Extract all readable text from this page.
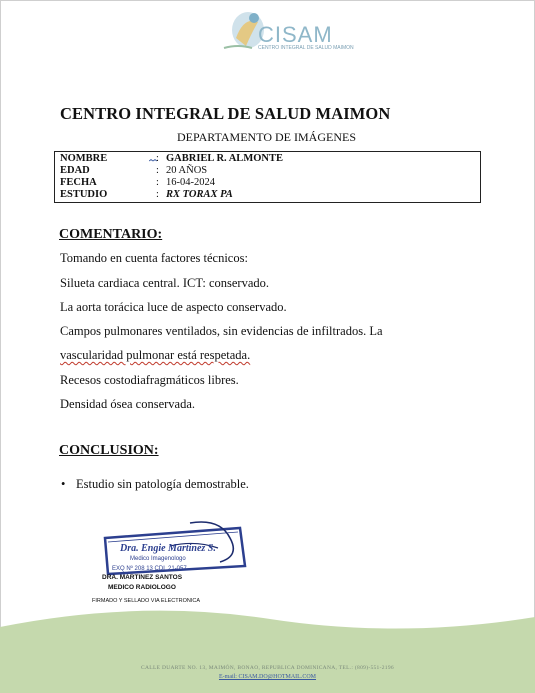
CISAM
CENTRO INTEGRAL DE SALUD MAIMON
CENTRO INTEGRAL DE SALUD MAIMON
DEPARTAMENTO DE IMÁGENES
NOMBRE	: GABRIEL R. ALMONTE
EDAD	: 20 AÑOS
FECHA	: 16-04-2024
ESTUDIO	: RX TORAX PA
COMENTARIO:
Tomando en cuenta factores técnicos:
Silueta cardiaca central. ICT: conservado.
La aorta torácica luce de aspecto conservado.
Campos pulmonares ventilados, sin evidencias de infiltrados. La
vascularidad pulmonar está respetada.
Recesos costodiafragmáticos libres.
Densidad ósea conservada.
CONCLUSION:
• Estudio sin patología demostrable.
Dra. Engie Martinez S.
Medico Imagenologo
EXQ Nº 208 13 CDL 21-057
DRA. MARTINEZ SANTOS
MEDICO RADIOLOGO
FIRMADO Y SELLADO VIA ELECTRONICA
CALLE DUARTE NO. 13, MAIMÓN, BONAO, REPUBLICA DOMINICANA, TEL.: (809)-551-2196
E-mail: CISAM.DO@HOTMAIL.COM
